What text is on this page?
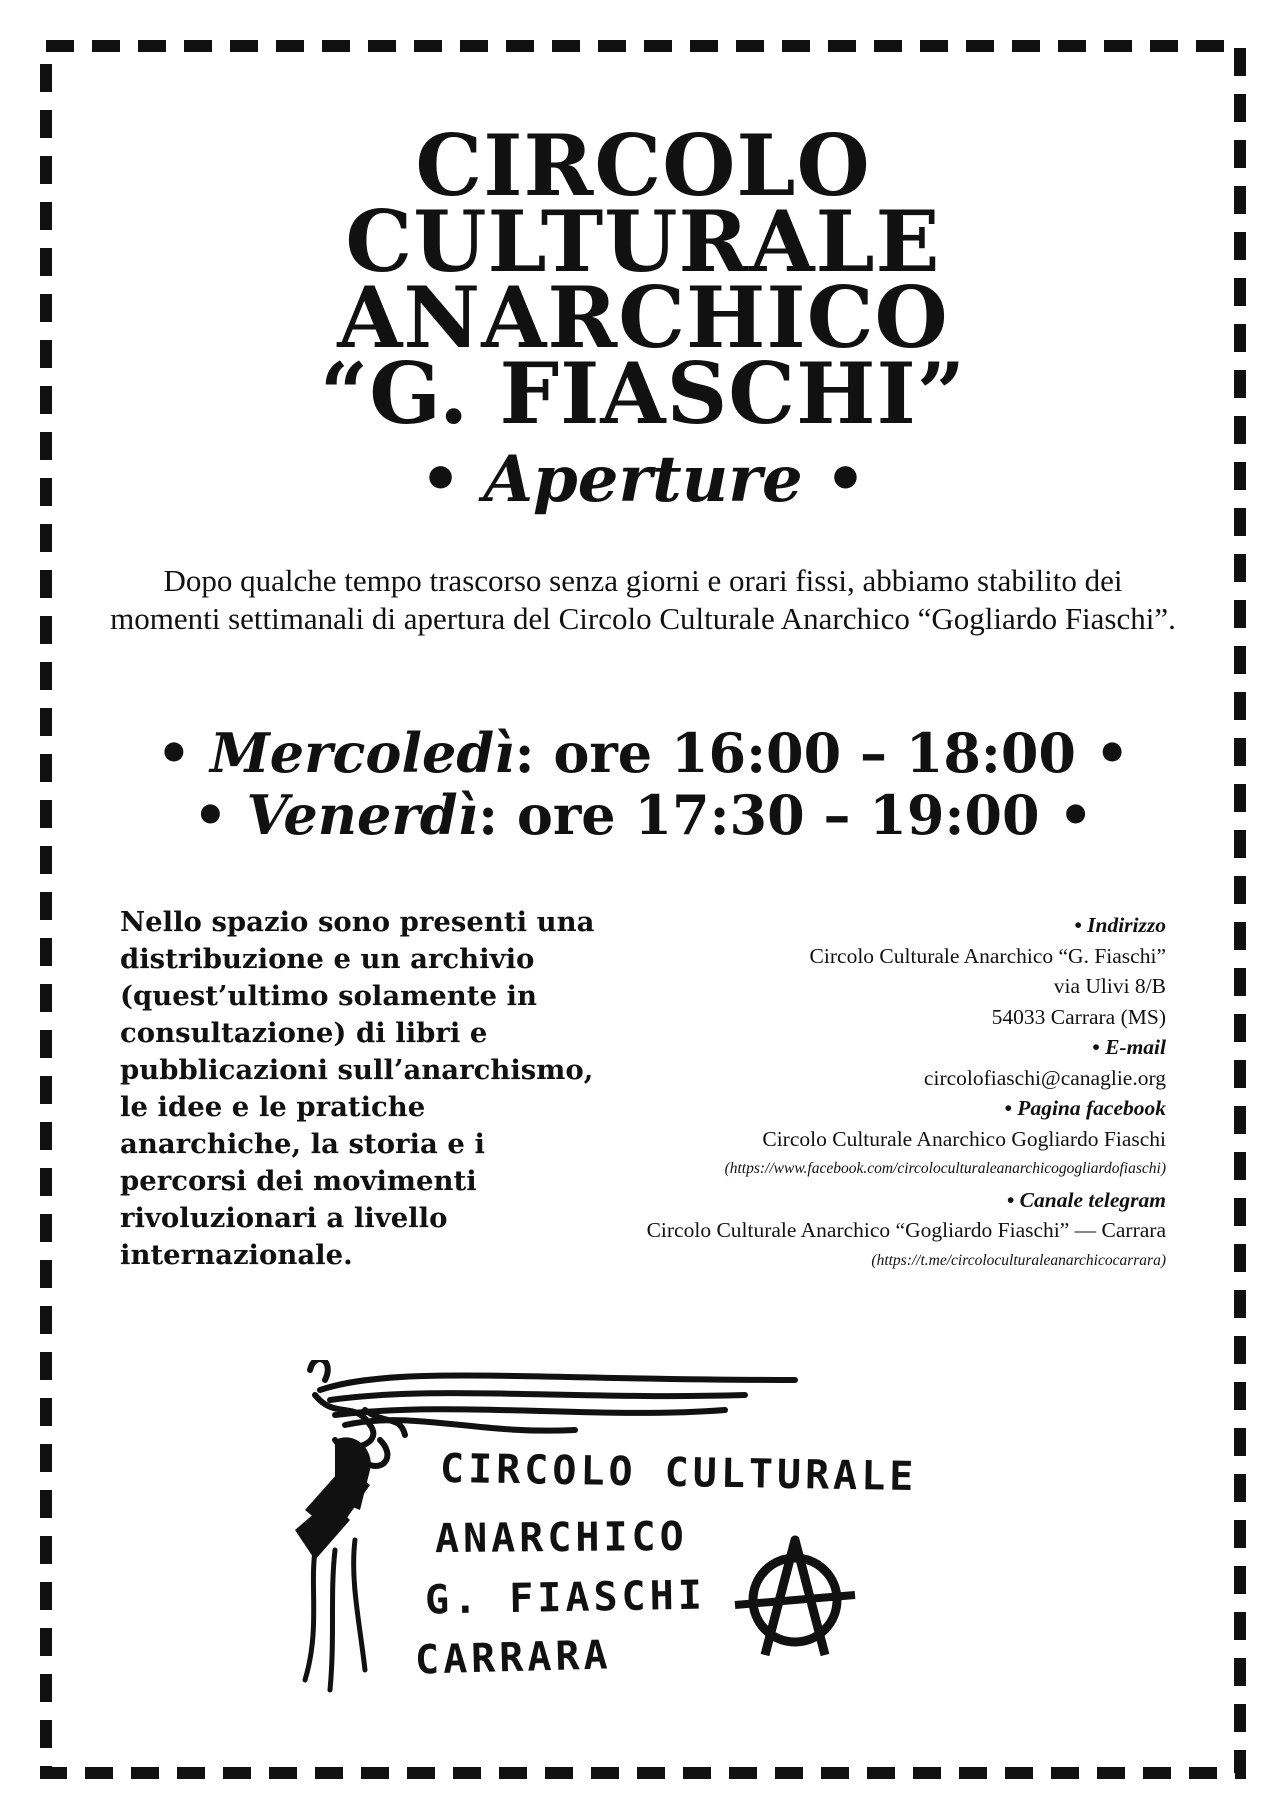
CIRCOLO
CULTURALE
ANARCHICO
“G. FIASCHI”
• Aperture •
Dopo qualche tempo trascorso senza giorni e orari fissi, abbiamo stabilito dei momenti settimanali di apertura del Circolo Culturale Anarchico “Gogliardo Fiaschi”.
• Mercoledì: ore 16:00 – 18:00 •
• Venerdì: ore 17:30 – 19:00 •
Nello spazio sono presenti una distribuzione e un archivio (quest’ultimo solamente in consultazione) di libri e pubblicazioni sull’anarchismo, le idee e le pratiche anarchiche, la storia e i percorsi dei movimenti rivoluzionari a livello internazionale.
• Indirizzo
Circolo Culturale Anarchico “G. Fiaschi”
via Ulivi 8/B
54033 Carrara (MS)
• E-mail
circolofiaschi@canaglie.org
• Pagina facebook
Circolo Culturale Anarchico Gogliardo Fiaschi
(https://www.facebook.com/circoloculturaleanarchicogogliardofiaschi)
• Canale telegram
Circolo Culturale Anarchico “Gogliardo Fiaschi” — Carrara
(https://t.me/circoloculturaleanarchicocarrara)
CIRCOLO CULTURALE
ANARCHICO
G. FIASCHI
CARRARA
